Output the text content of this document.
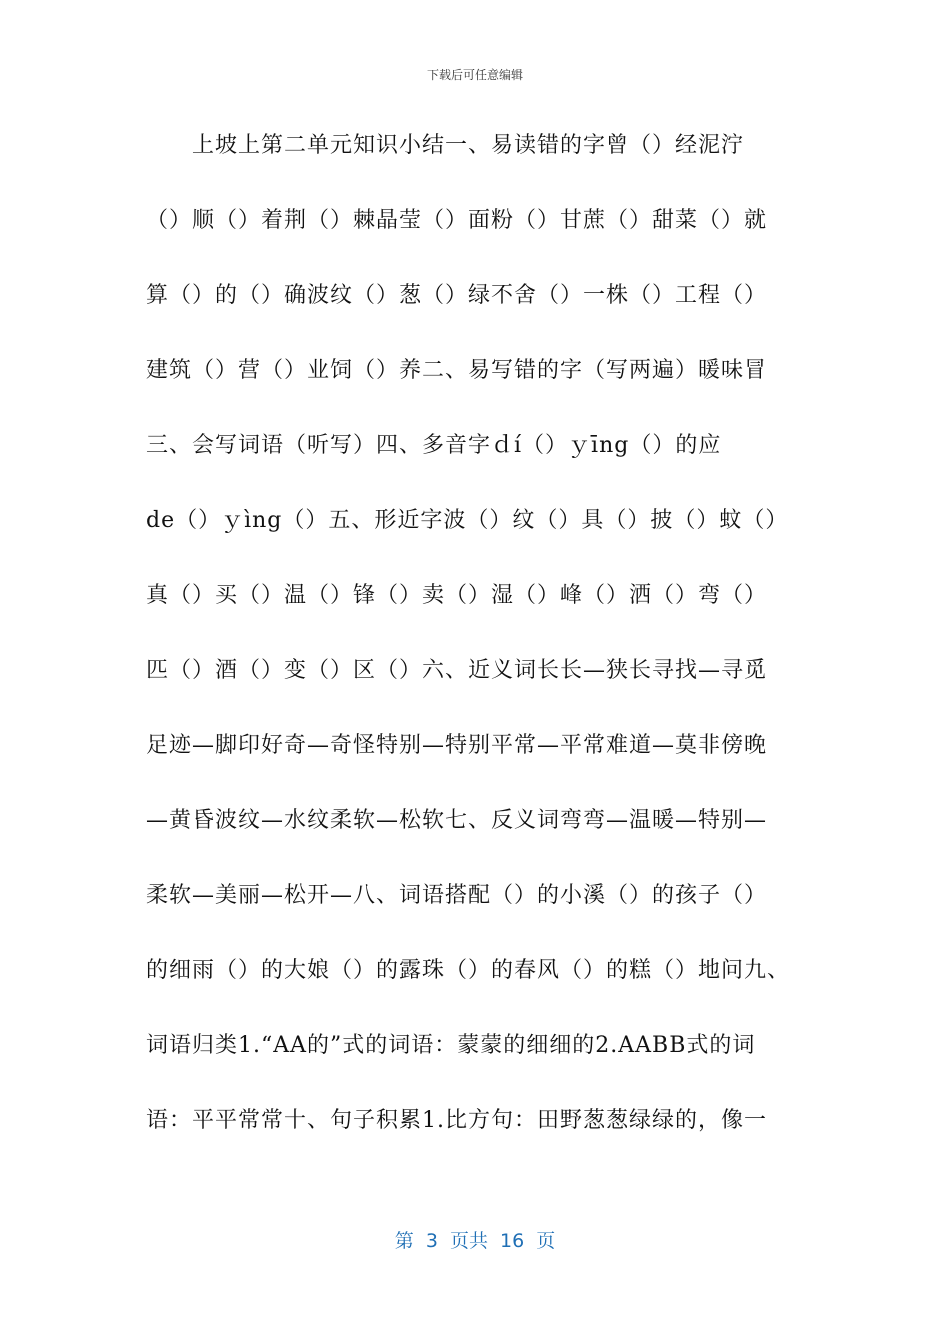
下载后可任意编辑
上坡上第二单元知识小结一、易读错的字曾（）经泥泞
（）顺（）着荆（）棘晶莹（）面粉（）甘蔗（）甜菜（）就
算（）的（）确波纹（）葱（）绿不舍（）一株（）工程（）
建筑（）营（）业饲（）养二、易写错的字（写两遍）暖味冒
三、会写词语（听写）四、多音字ｄí（）ｙīng（）的应
de（）ｙìng（）五、形近字波（）纹（）具（）披（）蚊（）
真（）买（）温（）锋（）卖（）湿（）峰（）洒（）弯（）
匹（）酒（）变（）区（）六、近义词长长—狭长寻找—寻觅
足迹—脚印好奇—奇怪特别—特别平常—平常难道—莫非傍晚
—黄昏波纹—水纹柔软—松软七、反义词弯弯—温暖—特别—
柔软—美丽—松开—八、词语搭配（）的小溪（）的孩子（）
的细雨（）的大娘（）的露珠（）的春风（）的糕（）地问九、
词语归类1.“AA的”式的词语：蒙蒙的细细的2.AABB式的词
语：平平常常十、句子积累1.比方句：田野葱葱绿绿的，像一
第 3 页共 16 页
